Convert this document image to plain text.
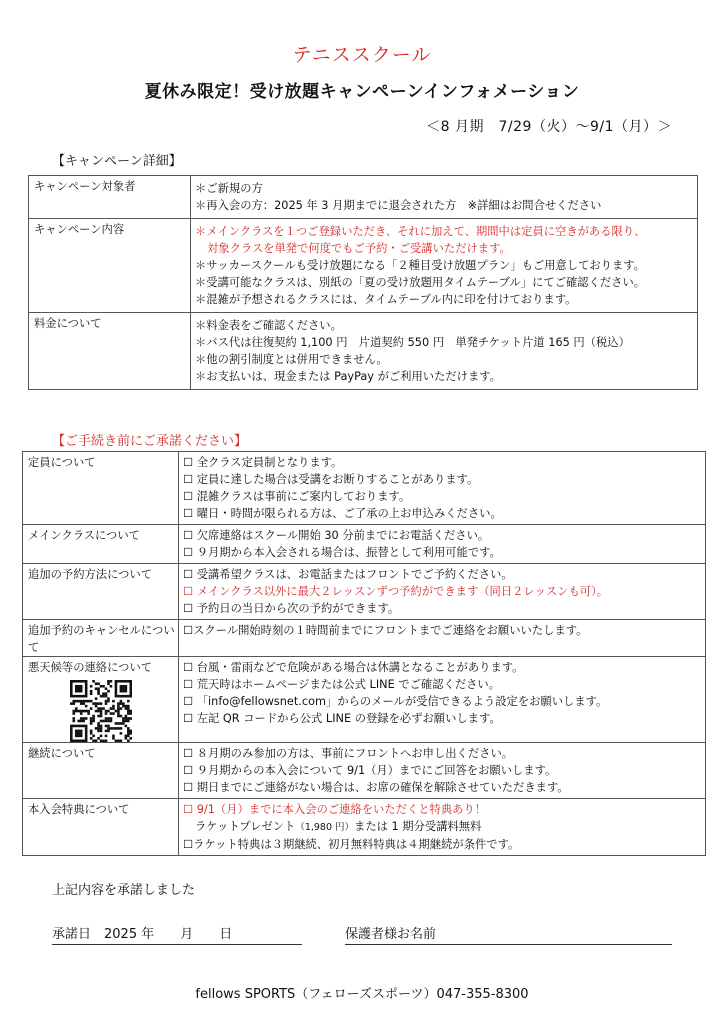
テニススクール
夏休み限定！受け放題キャンペーンインフォメーション
＜8 月期　7/29（火）～9/1（月）＞
【キャンペーン詳細】
キャンペーン対象者	＊ご新規の方
＊再入会の方：2025 年 3 月期までに退会された方　※詳細はお問合せください

キャンペーン内容	＊メインクラスを１つご登録いただき、それに加えて、期間中は定員に空きがある限り、
対象クラスを単発で何度でもご予約・ご受講いただけます。
＊サッカースクールも受け放題になる「２種目受け放題プラン」もご用意しております。
＊受講可能なクラスは、別紙の「夏の受け放題用タイムテーブル」にてご確認ください。
＊混雑が予想されるクラスには、タイムテーブル内に印を付けております。

料金について	＊料金表をご確認ください。
＊バス代は往復契約 1,100 円　片道契約 550 円　単発チケット片道 165 円（税込）
＊他の割引制度とは併用できません。
＊お支払いは、現金または PayPay がご利用いただけます。
【ご手続き前にご承諾ください】
定員について	☐ 全クラス定員制となります。
☐ 定員に達した場合は受講をお断りすることがあります。
☐ 混雑クラスは事前にご案内しております。
☐ 曜日・時間が限られる方は、ご了承の上お申込みください。

メインクラスについて	☐ 欠席連絡はスクール開始 30 分前までにお電話ください。
☐ ９月期から本入会される場合は、振替として利用可能です。

追加の予約方法について	☐ 受講希望クラスは、お電話またはフロントでご予約ください。
☐ メインクラス以外に最大２レッスンずつ予約ができます（同日２レッスンも可）。
☐ 予約日の当日から次の予約ができます。

追加予約のキャンセルについて	☐スクール開始時刻の１時間前までにフロントまでご連絡をお願いいたします。

悪天候等の連絡について	☐ 台風・雷雨などで危険がある場合は休講となることがあります。
☐ 荒天時はホームページまたは公式 LINE でご確認ください。
☐ 「info@fellowsnet.com」からのメールが受信できるよう設定をお願いします。
☐ 左記 QR コードから公式 LINE の登録を必ずお願いします。

継続について	☐ ８月期のみ参加の方は、事前にフロントへお申し出ください。
☐ ９月期からの本入会について 9/1（月）までにご回答をお願いします。
☐ 期日までにご連絡がない場合は、お席の確保を解除させていただきます。

本入会特典について	☐ 9/1（月）までに本入会のご連絡をいただくと特典あり！
ラケットプレゼント（1,980 円）または 1 期分受講料無料
☐ラケット特典は３期継続、初月無料特典は４期継続が条件です。
上記内容を承諾しました
承諾日　2025 年　　月　　日	保護者様お名前
fellows SPORTS（フェローズスポーツ）047-355-8300
